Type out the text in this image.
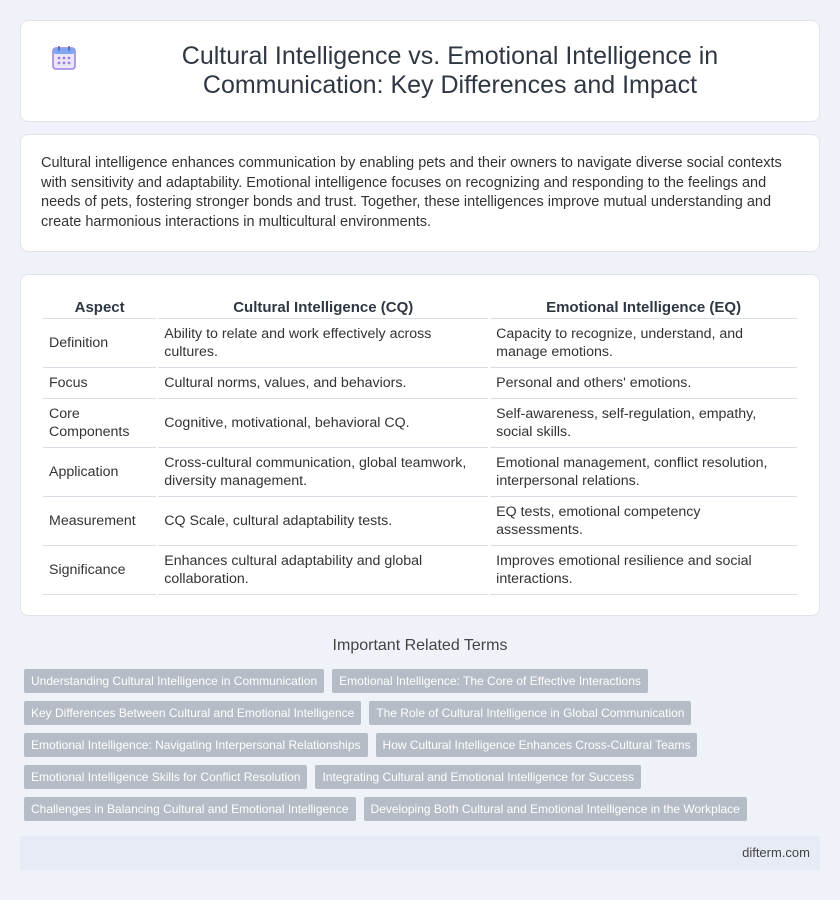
Cultural Intelligence vs. Emotional Intelligence in Communication: Key Differences and Impact

Cultural intelligence enhances communication by enabling pets and their owners to navigate diverse social contexts with sensitivity and adaptability. Emotional intelligence focuses on recognizing and responding to the feelings and needs of pets, fostering stronger bonds and trust. Together, these intelligences improve mutual understanding and create harmonious interactions in multicultural environments.

Aspect	Cultural Intelligence (CQ)	Emotional Intelligence (EQ)
Definition	Ability to relate and work effectively across cultures.	Capacity to recognize, understand, and manage emotions.
Focus	Cultural norms, values, and behaviors.	Personal and others' emotions.
Core Components	Cognitive, motivational, behavioral CQ.	Self-awareness, self-regulation, empathy, social skills.
Application	Cross-cultural communication, global teamwork, diversity management.	Emotional management, conflict resolution, interpersonal relations.
Measurement	CQ Scale, cultural adaptability tests.	EQ tests, emotional competency assessments.
Significance	Enhances cultural adaptability and global collaboration.	Improves emotional resilience and social interactions.
Important Related Terms
Understanding Cultural Intelligence in Communication	Emotional Intelligence: The Core of Effective Interactions
Key Differences Between Cultural and Emotional Intelligence	The Role of Cultural Intelligence in Global Communication
Emotional Intelligence: Navigating Interpersonal Relationships	How Cultural Intelligence Enhances Cross-Cultural Teams
Emotional Intelligence Skills for Conflict Resolution	Integrating Cultural and Emotional Intelligence for Success
Challenges in Balancing Cultural and Emotional Intelligence	Developing Both Cultural and Emotional Intelligence in the Workplace
difterm.com
